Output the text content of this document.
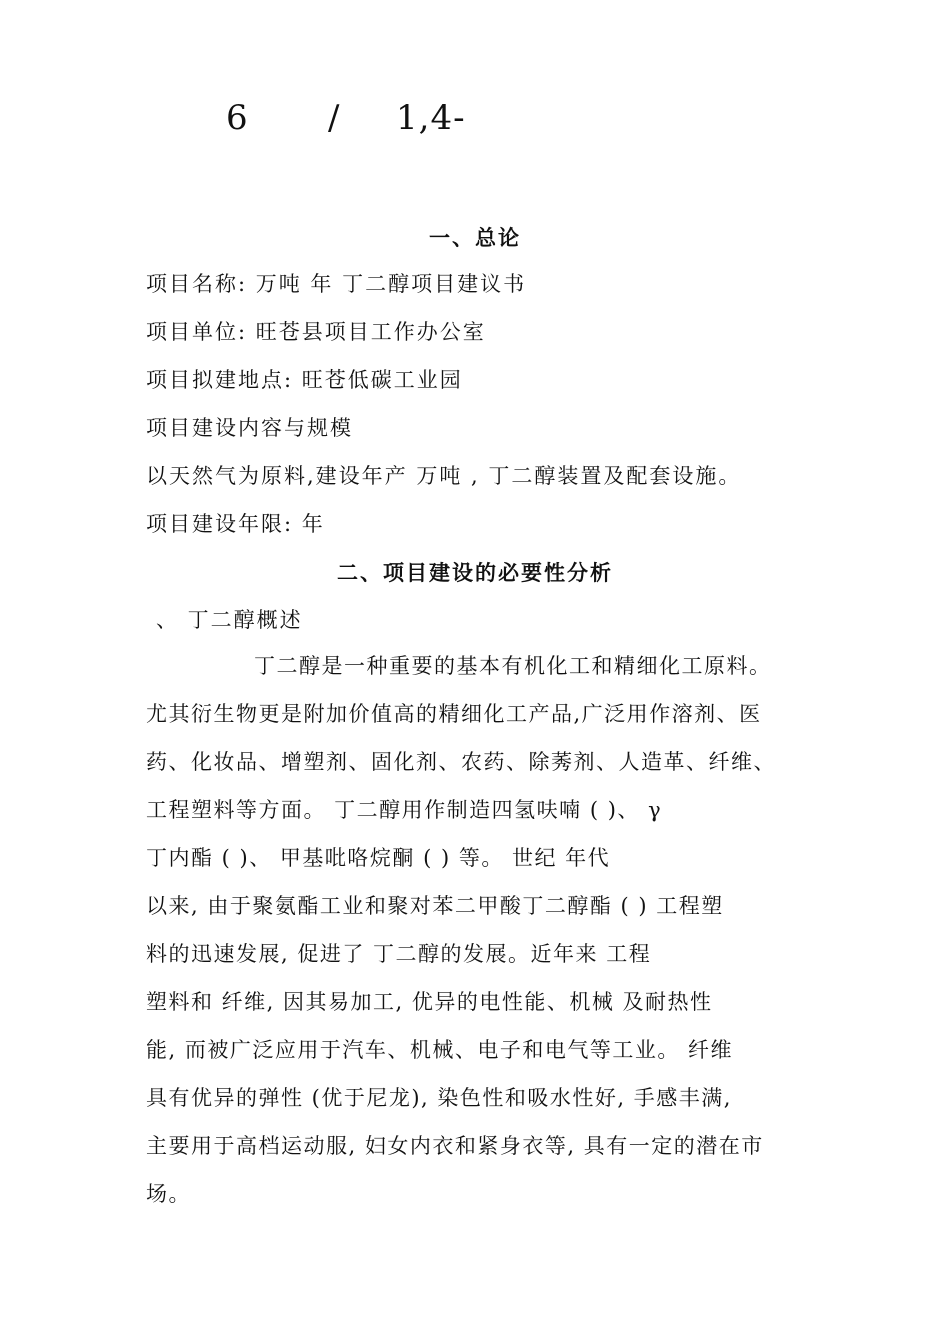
6 / 1,4-
一、总论
项目名称: 万吨 年 丁二醇项目建议书
项目单位: 旺苍县项目工作办公室
项目拟建地点: 旺苍低碳工业园
项目建设内容与规模
以天然气为原料,建设年产 万吨 , 丁二醇装置及配套设施。
项目建设年限: 年
二、项目建设的必要性分析
、 丁二醇概述
丁二醇是一种重要的基本有机化工和精细化工原料。
尤其衍生物更是附加价值高的精细化工产品,广泛用作溶剂、医
药、化妆品、增塑剂、固化剂、农药、除莠剂、人造革、纤维、
工程塑料等方面。 丁二醇用作制造四氢呋喃 ( )、 γ
丁内酯 ( )、 甲基吡咯烷酮 ( ) 等。 世纪 年代
以来, 由于聚氨酯工业和聚对苯二甲酸丁二醇酯 ( ) 工程塑
料的迅速发展, 促进了 丁二醇的发展。近年来 工程
塑料和 纤维, 因其易加工, 优异的电性能、机械 及耐热性
能, 而被广泛应用于汽车、机械、电子和电气等工业。 纤维
具有优异的弹性 (优于尼龙), 染色性和吸水性好, 手感丰满,
主要用于高档运动服, 妇女内衣和紧身衣等, 具有一定的潜在市
场。
